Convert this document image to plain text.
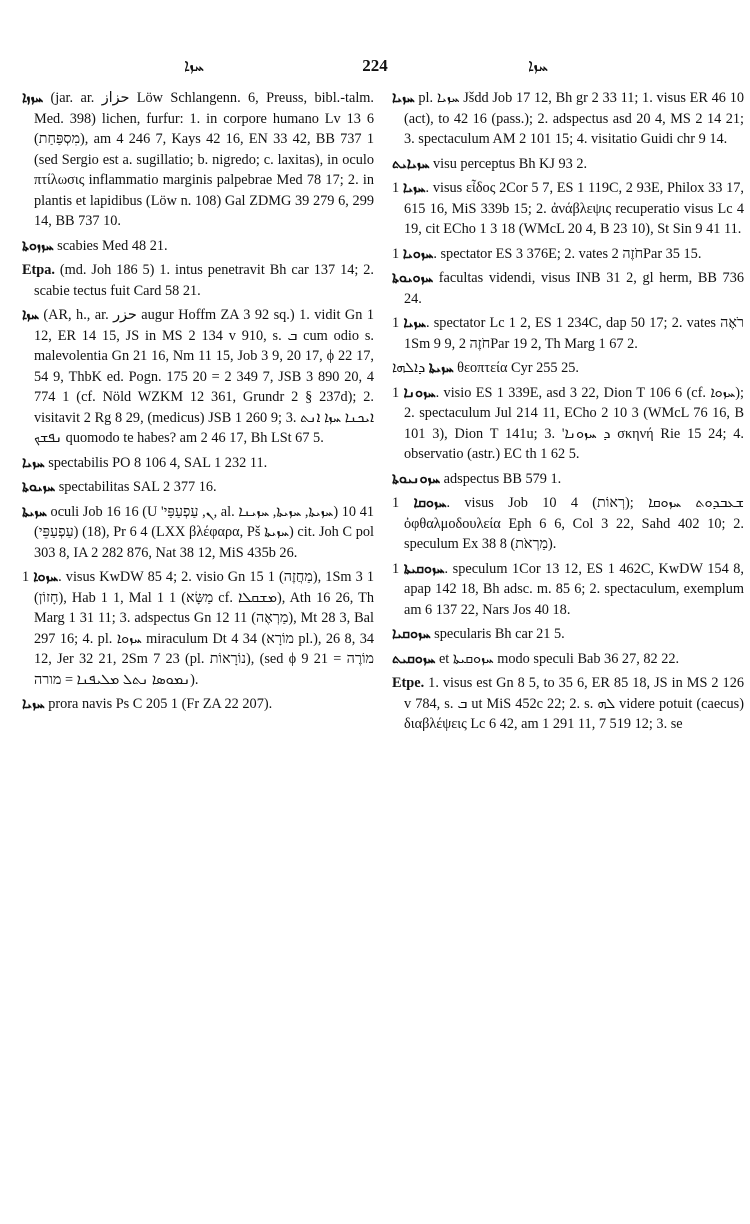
ܚܙܐ	224	ܚܙܐ

ܚܙܙܐ (jar. ar. حزاز Löw Schlangenn. 6, Preuss, bibl.-talm. Med. 398) lichen, furfur: 1. in corpore humano Lv 13 6 (מִסְפַּחַת), am 4 246 7, Kays 42 16, EN 33 42, BB 737 1 (sed Sergio est a. sugillatio; b. nigredo; c. laxitas), in oculo πτίλωσις inflammatio marginis palpebrae Med 78 17; 2. in plantis et lapidibus (Löw n. 108) Gal ZDMG 39 279 6, 299 14, BB 737 10.

ܚܙܙܘܬܐ scabies Med 48 21.

Etpa. (md. Joh 186 5) 1. intus penetravit Bh car 137 14; 2. scabie tectus fuit Card 58 21.

ܚܙܐ (AR, h., ar. حزر augur Hoffm ZA 3 92 sq.) 1. vidit Gn 1 12, ER 14 15, JS in MS 2 134 v 910, s. ܒ cum odio s. malevolentia Gn 21 16, Nm 11 15, Job 3 9, 20 17, ϕ 22 17, 54 9, ThbK ed. Pogn. 175 20 = 2 349 7, JSB 3 890 20, 4 774 1 (cf. Nöld WZKM 12 361, Grundr 2 § 237d); 2. visitavit 2 Rg 8 29, (medicus) JSB 1 260 9; 3. ܐܝܟܢܐ ܚܙܐ ܐܢܬ ܢܦܫܟ quomodo te habes? am 2 46 17, Bh LSt 67 5.

ܚܙܝܐ spectabilis PO 8 106 4, SAL 1 232 11.

ܚܙܝܘܬܐ spectabilitas SAL 2 377 16.

ܚܙܝܬܐ oculi Job 16 16 (U 'ܢ, עַפְעַפַּי, al. ܚܙܝܬܐ, ܚܙܝܬܐ, ܚܙܝܢܐ) 41 10 (18) (עַפְעַפֵּי), Pr 6 4 (LXX βλέφαρα, Pš ܚܙܝܬܐ) cit. Joh C pol 303 8, IA 2 282 876, Nat 38 12, MiS 435b 26.

ܚܙܘܐ 1. visus KwDW 85 4; 2. visio Gn 15 1 (מַחֲזֶה), 1Sm 3 1 (חָזוֹן), Hab 1 1, Mal 1 1 (מַשָּׂא cf. ܡܫܩܠܐ), Ath 16 26, Th Marg 1 31 11; 3. adspectus Gn 12 11 (מַרְאֶה), Mt 28 3, Bal 297 16; 4. pl. ܚܙܘܐ miraculum Dt 4 34 (מוֹרָא pl.), 26 8, 34 12, Jer 32 21, 2Sm 7 23 (pl. נוֹרָאוֹת), (sed ϕ 9 21 מוֹרֶה = ܢܡܘܣܐ ܢܬܠ ܡܠܝܦܢܐ = מורה).

ܚܙܝܐ prora navis Ps C 205 1 (Fr ZA 22 207).

ܚܙܝܐ pl. ܚܙܝܐ Jšdd Job 17 12, Bh gr 2 33 11; 1. visus ER 46 10 (act), to 42 16 (pass.); 2. adspectus asd 20 4, MS 2 14 21; 3. spectaculum AM 2 101 15; 4. visitatio Guidi chr 9 14.

ܚܙܝܐܝܬ visu perceptus Bh KJ 93 2.

ܚܙܝܐ 1. visus εἶδος 2Cor 5 7, ES 1 119C, 2 93E, Philox 33 17, 615 16, MiS 339b 15; 2. ἀνάβλεψις recuperatio visus Lc 4 19, cit ECho 1 3 18 (WMcL 20 4, B 23 10), St Sin 9 41 11.

ܚܙܘܝܐ 1. spectator ES 3 376E; 2. vates חֹזֶה 2Par 35 15.

ܚܙܘܝܘܬܐ facultas videndi, visus INB 31 2, gl herm, BB 736 24.

ܚܙܝܐ 1. spectator Lc 1 2, ES 1 234C, dap 50 17; 2. vates רֹאֶה 1Sm 9 9, חֹזֶה 2Par 19 2, Th Marg 1 67 2.

ܚܙܝܬܐ ܕܐܠܗܐ θεοπτεία Cyr 255 25.

ܚܙܘܢܐ 1. visio ES 1 339E, asd 3 22, Dion T 106 6 (cf. ܚܙܘܐ); 2. spectaculum Jul 214 11, ECho 2 10 3 (WMcL 76 16, B 101 3), Dion T 141u; 3. 'ܕ ܚܙܘܢܐ σκηνή Rie 15 24; 4. observatio (astr.) EC th 1 62 5.

ܚܙܘܢܝܘܬܐ adspectus BB 579 1.

ܚܙܘܩܐ 1. visus Job 10 4 (רְאוֹת); ܫܥܒܕܘܬ ܚܙܘܩܐ ὀφθαλμοδουλεία Eph 6 6, Col 3 22, Sahd 402 10; 2. speculum Ex 38 8 (מַרְאֹת).

ܚܙܘܩܝܬܐ 1. speculum 1Cor 13 12, ES 1 462C, KwDW 154 8, apap 142 18, Bh adsc. m. 85 6; 2. spectaculum, exemplum am 6 137 22, Nars Jos 40 18.

ܚܙܘܩܝܐ specularis Bh car 21 5.

ܚܙܘܩܝܬ et ܚܙܘܩܝܬܐ modo speculi Bab 36 27, 82 22.

Etpe. 1. visus est Gn 8 5, to 35 6, ER 85 18, JS in MS 2 126 v 784, s. ܒ ut MiS 452c 22; 2. s. ܠܗ videre potuit (caecus) διαβλέψεις Lc 6 42, am 1 291 11, 7 519 12; 3. se
